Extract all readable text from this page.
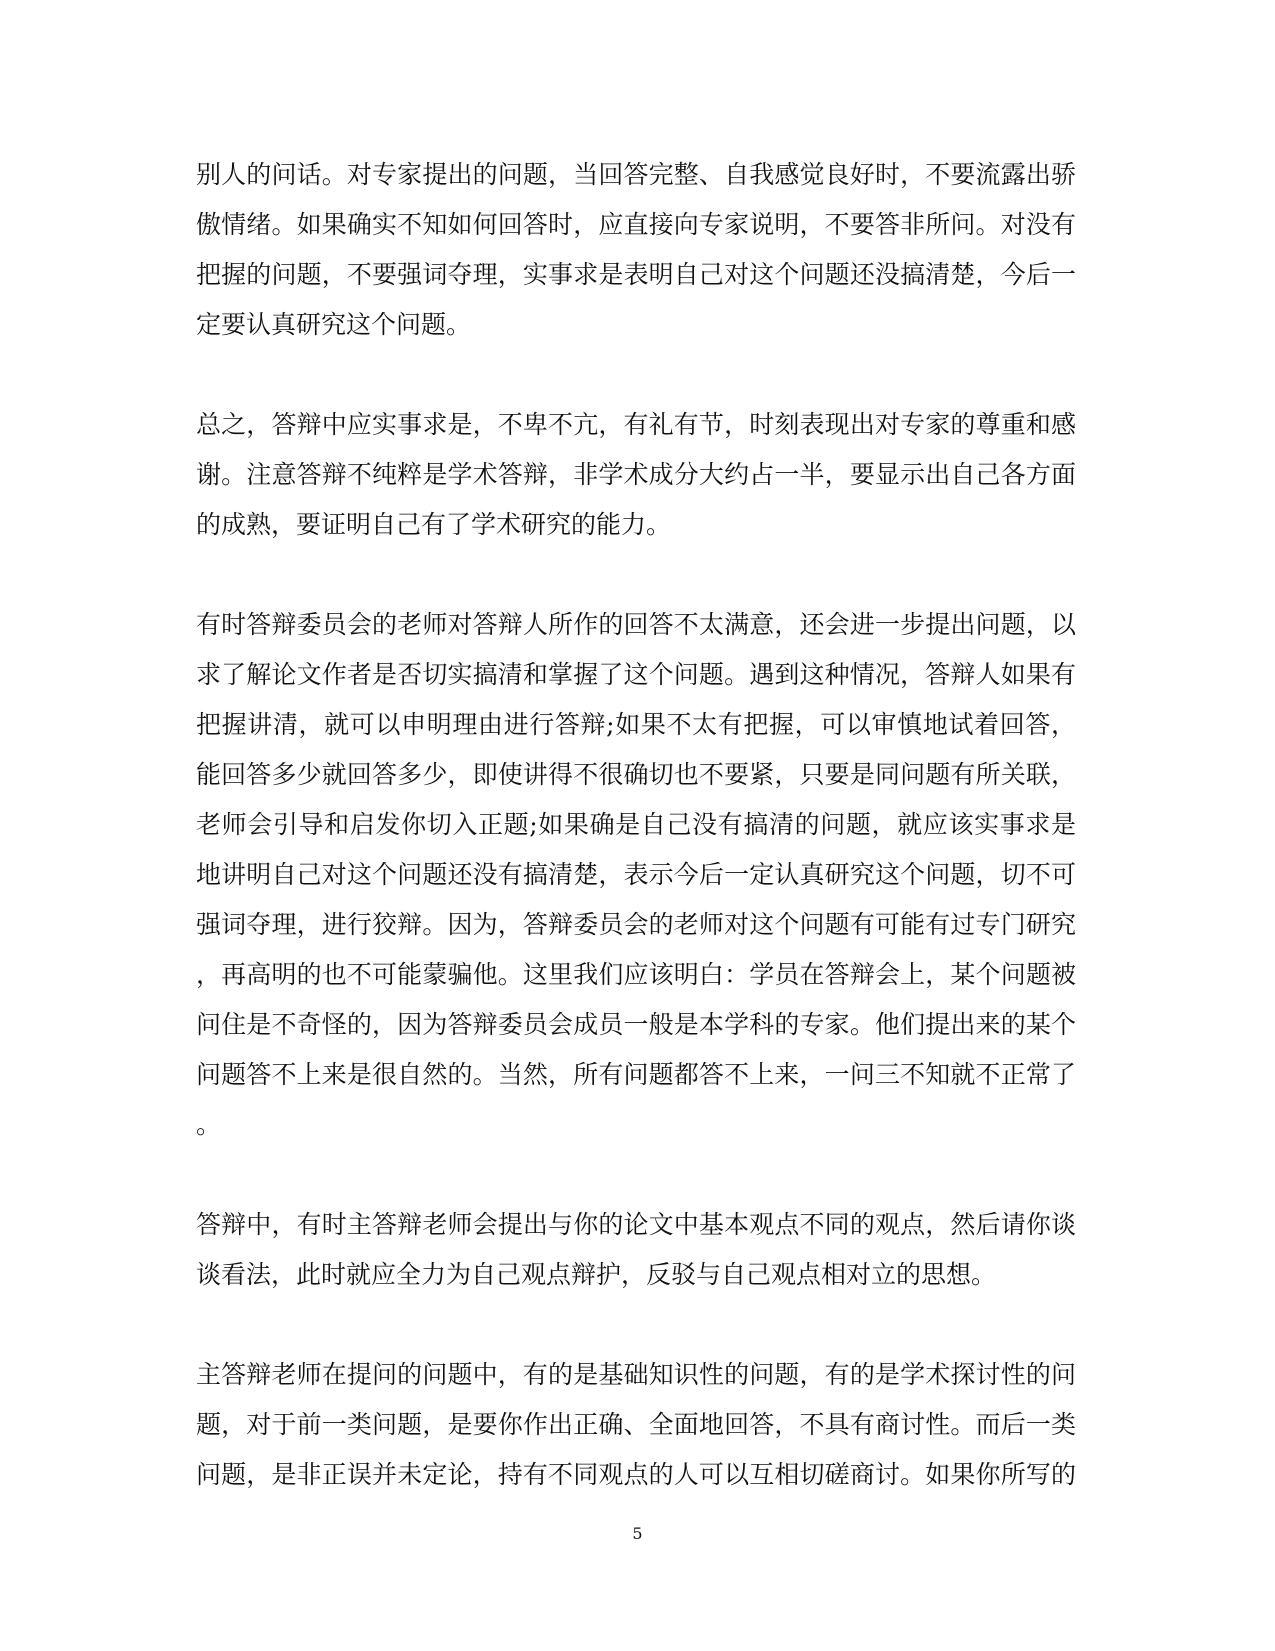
别人的问话。对专家提出的问题，当回答完整、自我感觉良好时，不要流露出骄
傲情绪。如果确实不知如何回答时，应直接向专家说明，不要答非所问。对没有
把握的问题，不要强词夺理，实事求是表明自己对这个问题还没搞清楚，今后一
定要认真研究这个问题。
总之，答辩中应实事求是，不卑不亢，有礼有节，时刻表现出对专家的尊重和感
谢。注意答辩不纯粹是学术答辩，非学术成分大约占一半，要显示出自己各方面
的成熟，要证明自己有了学术研究的能力。
有时答辩委员会的老师对答辩人所作的回答不太满意，还会进一步提出问题，以
求了解论文作者是否切实搞清和掌握了这个问题。遇到这种情况，答辩人如果有
把握讲清，就可以申明理由进行答辩;如果不太有把握，可以审慎地试着回答，
能回答多少就回答多少，即使讲得不很确切也不要紧，只要是同问题有所关联，
老师会引导和启发你切入正题;如果确是自己没有搞清的问题，就应该实事求是
地讲明自己对这个问题还没有搞清楚，表示今后一定认真研究这个问题，切不可
强词夺理，进行狡辩。因为，答辩委员会的老师对这个问题有可能有过专门研究
，再高明的也不可能蒙骗他。这里我们应该明白：学员在答辩会上，某个问题被
问住是不奇怪的，因为答辩委员会成员一般是本学科的专家。他们提出来的某个
问题答不上来是很自然的。当然，所有问题都答不上来，一问三不知就不正常了
。
答辩中，有时主答辩老师会提出与你的论文中基本观点不同的观点，然后请你谈
谈看法，此时就应全力为自己观点辩护，反驳与自己观点相对立的思想。
主答辩老师在提问的问题中，有的是基础知识性的问题，有的是学术探讨性的问
题，对于前一类问题，是要你作出正确、全面地回答，不具有商讨性。而后一类
问题，是非正误并未定论，持有不同观点的人可以互相切磋商讨。如果你所写的
5
